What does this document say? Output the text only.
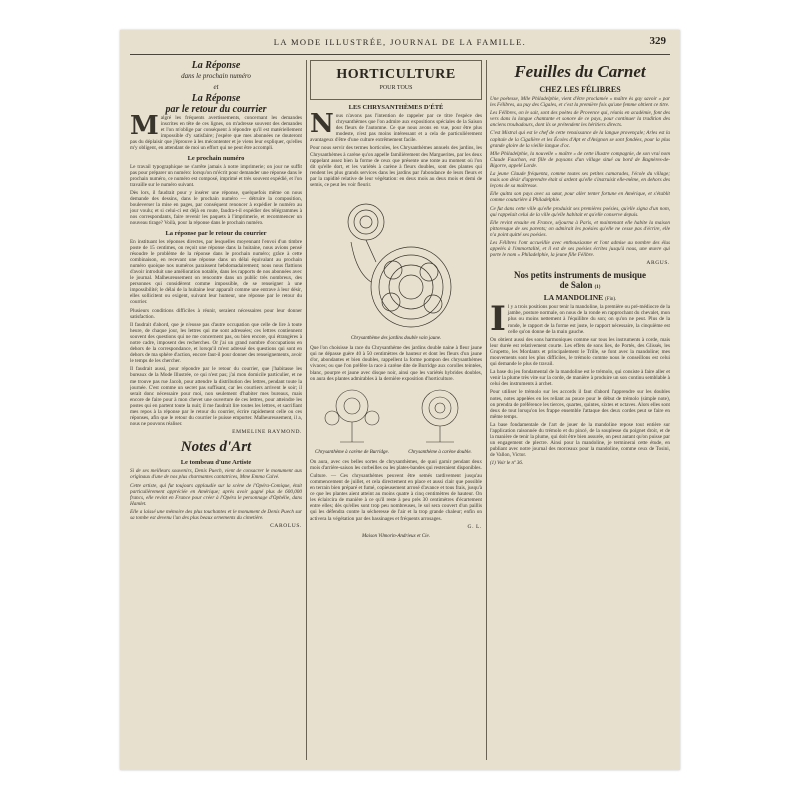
LA MODE ILLUSTRÉE, JOURNAL DE LA FAMILLE.	329
La Réponse
dans le prochain numéro
et
La Réponse
par le retour du courrier

Malgré les fréquents avertissements, concernant les demandes inscrites en tête de ces lignes, on m'adresse souvent des demandes et l'on m'oblige par conséquent à répondre qu'il est matériellement impossible d'y satisfaire; j'espère que mes abonnées ne douteront pas du déplaisir que j'éprouve à les mécontenter et je viens leur expliquer, qu'elles m'y obligent, en attendant de moi un effort qui ne peut être accompli.

Le prochain numéro

Le travail typographique ne s'arrête jamais à notre imprimerie; on jour ne suffit pas pour préparer un numéro: lorsqu'on m'écrit pour demander une réponse dans le prochain numéro, ce numéro est composé, imprimé et très souvent expédié, et l'on travaille sur le numéro suivant.

Dès lors, il faudrait pour y insérer une réponse, quelquefois même on nous demande des dessins, dans le prochain numéro — détruire la composition, bouleverser la mise en pages, par conséquent renoncer à expédier le numéro au jour voulu; et si celui-ci est déjà en route, faudra-t-il expédier des télégrammes à nos correspondants, faire revenir les paquets à l'imprimerie, et recommencer un nouveau tirage? Voilà, pour la réponse dans le prochain numéro.

La réponse par le retour du courrier

En instituant les réponses directes, par lesquelles moyennant l'envoi d'un timbre poste de 15 centimes, on reçoit une réponse dans la huitaine, nous avions pensé résoudre le problème de la réponse dans le prochain numéro; grâce à cette combinaison, en recevant une réponse dans un délai équivalant au prochain numéro quoique nos numéros paraissent hebdomadairement; nous nous flattions d'avoir introduit une amélioration notable, dans les rapports de nos abonnées avec le journal. Malheureusement on rencontre dans un public très nombreux, des personnes qui considèrent comme impossible, de se renseigner à une impossibilité; le délai de la huitaine leur apparaît comme une entrave à leur désir, elles sollicitent ou exigent, suivant leur humeur, une réponse par le retour du courrier.

Plusieurs conditions difficiles à réunir, seraient nécessaires pour leur donner satisfaction.

Il faudrait d'abord, que je n'eusse pas d'autre occupation que celle de lire à toute heure, de chaque jour, les lettres qui me sont adressées; ces lettres contiennent souvent des questions qui ne me concernent pas, ou bien encore, qui étrangères à notre cadre, imposent des recherches. Or j'ai un grand nombre d'occupations en dehors de la correspondance, et lorsqu'il m'est adressé des questions qui sont en dehors de ma sphère d'action, encore faut-il pour donner des renseignements, avoir le temps de les chercher.

Il faudrait aussi, pour répondre par le retour du courrier, que j'habitasse les bureaux de la Mode Illustrée, ce qui n'est pas; j'ai mon domicile particulier, et ne me trouve pas rue Jacob, pour attendre la distribution des lettres, pendant toute la journée. C'est comme un secret pas suffisant, car les courriers arrivent le soir; il serait donc nécessaire pour moi, non seulement d'habiter mes bureaux, mais encore de faire pour à mon chevet une ouverture de ces lettres, pour atteindre les postes qui en partent toute la nuit; il me faudrait lire toutes les lettres, et sacrifiant mes repos à la réponse par le retour du courrier, écrire rapidement celle ou ces réponses, afin que le retour du courrier le puisse emporter. Malheureusement, il a, nous ne pouvons réaliser.

EMMELINE RAYMOND.
Notes d'Art
Le tombeau d'une Artiste

Si de ses meilleurs souvenirs, Denis Puech, vient de consacrer le monument aux originaux d'une de nos plus charmantes cantatrices, Mme Emma Calvé.

Cette artiste, qui fut toujours applaudie sur la scène de l'Opéra-Comique, était particulièrement appréciée en Amérique; après avoir gagné plus de 600,000 francs, elle revint en France pour créer à l'Opéra le personnage d'Ophélie, dans Hamlet.

Elle a laissé une mémoire des plus touchantes et le monument de Denis Puech sur sa tombe est devenu l'un des plus beaux ornements du cimetière.

CAROLUS.
HORTICULTURE
POUR TOUS
LES CHRYSANTHÈMES D'ÉTÉ

Nous n'avons pas l'intention de rappeler par ce titre l'espèce des chrysanthèmes que l'on admire aux expositions spéciales de la Saison des fleurs de l'automne. Ce que nous avons en vue, pour être plus modeste, n'est pas moins intéressant et a cela de particulièrement avantageux d'être d'une culture extrêmement facile.

Pour nous servir des termes horticoles, les Chrysanthèmes annuels des jardins, les Chrysanthèmes à carène qu'on appelle familièrement des Marguerites, par les deux rappelant assez bien la forme de ceux que présente une tonte au moment où l'on dit qu'elle dort, et les variétés à carène à fleurs doubles, sont des plantes qui rendent les plus grands services dans les jardins par l'abondance de leurs fleurs et par la rapidité relative de leur végétation: en deux mois au deux mois et demi de semis, ce peut les voir fleurir.

Chrysanthème des jardins double vain jaune.

Que l'on choisisse la race du Chrysanthème des jardins double naine à fleur jaune qui ne dépasse guère 40 à 50 centimètres de hauteur et dont les fleurs d'un jaune d'or, abondantes et bien doubles, rappellent la forme pompon des chrysanthèmes vivaces; ou que l'on préfère la race à carène dite de Burridge aux corolles teintées, blanc, pourpre et jaune avec disque noir, ainsi que les variétés hybrides doubles, on aura des plantes admirables à la dernière exposition d'horticulture.

Chrysanthème à carène de Burridge.	Chrysanthème à carène double.

On aura, avec ces belles sortes de chrysanthèmes, de quoi garnir pendant deux mois d'arrière-saison les corbeilles ou les plates-bandes qui resteraient disponibles.

Culture. — Ces chrysanthèmes peuvent être semés tardivement jusqu'au commencement de juillet, et cela directement en place et aussi clair que possible en terrain bien préparé et fumé, copieusement arrosé d'avance et tous frais, jusqu'à ce que les plantes aient atteint au moins quatre à cinq centimètres de hauteur. On les éclaircira de manière à ce qu'il reste à peu près 30 centimètres d'écartement entre elles; dès qu'elles sont trop peu nombreuses, le sol sera couvert d'un paillis qui les défendra contre la sécheresse de l'air et la trop grande chaleur; enfin on activera la végétation par des bassinages et fréquents arrosages.

G. L.
Maison Vilmorin-Andrieux et Cie.
Feuilles du Carnet
CHEZ LES FÉLIBRES

Une poétesse, Mlle Philadelphie, vient d'être proclamée « maître ès gay savoir » par les Félibres, au puy des Cigales, et c'est la première fois qu'une femme obtient ce titre.

Les Félibres, on le sait, sont des poètes de Provence qui, réunis en académie, font des vers dans la langue chantante et sonore de ce pays, pour continuer la tradition des anciens troubadours, dont ils se prétendent les héritiers directs.

C'est Mistral qui est le chef de cette renaissance de la langue provençale; Arles est la capitale de la Cigalière et les Écoles d'Apt et d'Avignon se sont fondées, pour la plus grande gloire de la vieille langue d'oc.

Mlle Philadelphie, la nouvelle « maître » de cette illustre compagnie, de son vrai nom Claude Fauchon, est fille de paysans d'un village situé au bord de Bagnères-de-Bigorre, appelé Lorde.

La jeune Claude fréquenta, comme toutes ses petites camarades, l'école du village; mais son désir d'apprendre était si ardent qu'elle s'instruisit elle-même, en dehors des leçons de sa maîtresse.

Elle quitta son pays avec sa sœur, pour aller tenter fortune en Amérique, et s'établit comme couturière à Philadelphie.

Ce fut dans cette ville qu'elle produisit ses premières poésies, qu'elle signa d'un nom, qui rappelait celui de la ville qu'elle habitait et qu'elle conserve depuis.

Elle revint ensuite en France, séjourna à Paris, et maintenant elle habite la maison pittoresque de ses parents; on admirait les poésies qu'elle ne cesse pas d'écrire, elle n'a point quitté ses poésies.

Les Félibres l'ont accueillie avec enthousiasme et l'ont admise au nombre des élus appelés à l'immortalité, et il est de ses poésies écrites jusqu'à nous, une œuvre qui porte le nom « Philadelphie, la jeune fille Félibre.

ARGUS.
Nos petits instruments de musique
de Salon (1)
LA MANDOLINE (Fin).

Il y a trois positions pour tenir la mandoline, la première ou pré-médiocre de la jambe, posture normale, on nous de la ronde en rapprochant du chevalet, mon plus ou moins nettement à l'équilibre du son; on qu'on ne peut. Plus de la ronde, le rapport de la forme est juste, le rapport nécessaire, la cinquième est celle qu'on donne de la main gauche.

On obtient aussi des sons harmoniques comme sur tous les instruments à corde, mais leur durée est relativement courte. Les effets de sons lies, de Portés, des Glissés, les Grupetto, les Mordants et principalement le Trille, se font avec la mandoline; mes mouvements sont les plus difficiles, le trémolo comme nous le conseillons est celui qui demande le plus de travail.

La base du jeu fondamental de la mandoline est le trémolo, qui consiste à faire aller et venir la plume très vite sur la corde, de manière à produire un son continu semblable à celui des instruments à archet.

Pour utiliser le trémolo sur les accords il faut d'abord l'apprendre sur les doubles notes, notes appelées en les reliant au pouce pour le début de trémolo (simple note), on prendra de préférence les tierces, quartes, quintes, sixtes et octaves. Alors elles sont deux de tout lorsqu'on les frappe ensemble l'attaque des deux cordes peut se faire en même temps.

La base fondamentale de l'art de jouer de la mandoline repose tout entière sur l'application raisonnée du trémolo et du pincé, de la souplesse du poignet droit, et de la manière de tenir la plume, qui doit être bien assurée, on peut autant qu'on puisse par un engagement de plectre. Ainsi pour la mandoline, je terminerai cette étude, en publiant avec notre journal des morceaux pour la mandoline, comme ceux de Tosini, de Vallon, Victor.

(1) Voir le nº 36.
